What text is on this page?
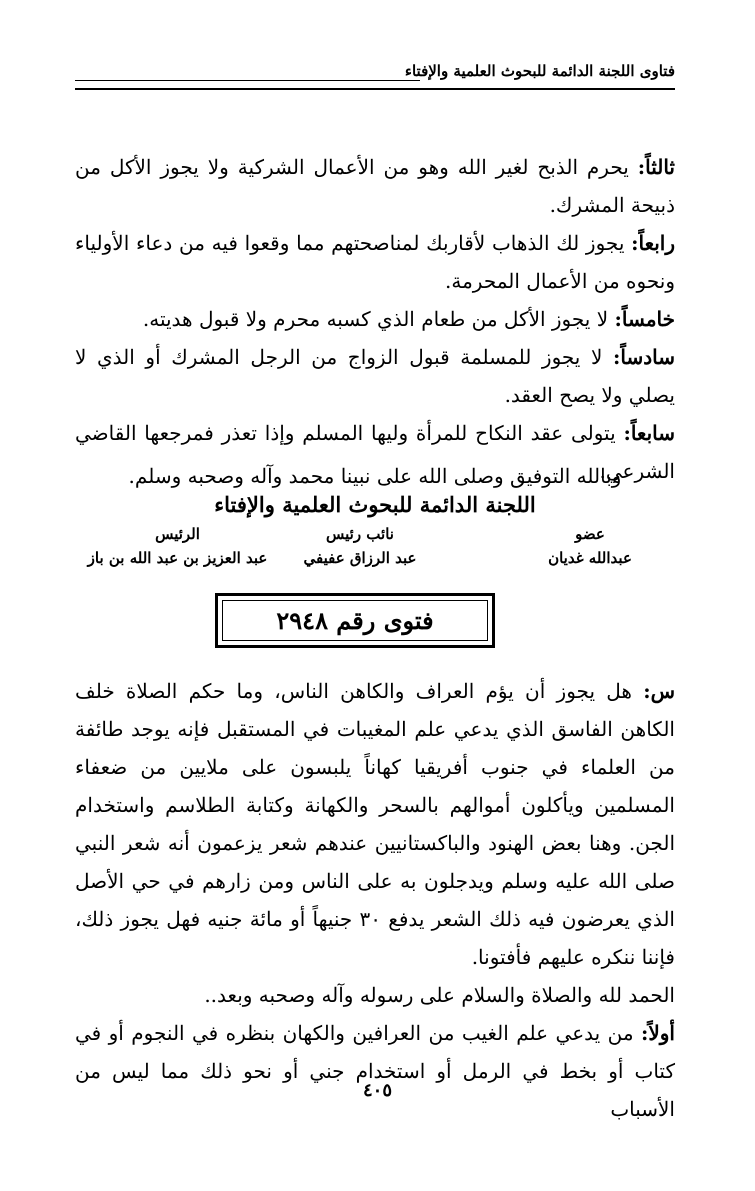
فتاوى اللجنة الدائمة للبحوث العلمية والإفتاء

ثالثاً: يحرم الذبح لغير الله وهو من الأعمال الشركية ولا يجوز الأكل من ذبيحة المشرك.

رابعاً: يجوز لك الذهاب لأقاربك لمناصحتهم مما وقعوا فيه من دعاء الأولياء ونحوه من الأعمال المحرمة.

خامساً: لا يجوز الأكل من طعام الذي كسبه محرم ولا قبول هديته.

سادساً: لا يجوز للمسلمة قبول الزواج من الرجل المشرك أو الذي لا يصلي ولا يصح العقد.

سابعاً: يتولى عقد النكاح للمرأة وليها المسلم وإذا تعذر فمرجعها القاضي الشرعي.

وبالله التوفيق وصلى الله على نبينا محمد وآله وصحبه وسلم.
اللجنة الدائمة للبحوث العلمية والإفتاء
عضو
عبدالله غديان
نائب رئيس
عبد الرزاق عفيفي
الرئيس
عبد العزيز بن عبد الله بن باز
فتوى رقم ٢٩٤٨

س: هل يجوز أن يؤم العراف والكاهن الناس، وما حكم الصلاة خلف الكاهن الفاسق الذي يدعي علم المغيبات في المستقبل فإنه يوجد طائفة من العلماء في جنوب أفريقيا كهاناً يلبسون على ملايين من ضعفاء المسلمين ويأكلون أموالهم بالسحر والكهانة وكتابة الطلاسم واستخدام الجن. وهنا بعض الهنود والباكستانيين عندهم شعر يزعمون أنه شعر النبي صلى الله عليه وسلم ويدجلون به على الناس ومن زارهم في حي الأصل الذي يعرضون فيه ذلك الشعر يدفع ٣٠ جنيهاً أو مائة جنيه فهل يجوز ذلك، فإننا ننكره عليهم فأفتونا.

الحمد لله والصلاة والسلام على رسوله وآله وصحبه وبعد..

أولاً: من يدعي علم الغيب من العرافين والكهان بنظره في النجوم أو في كتاب أو بخط في الرمل أو استخدام جني أو نحو ذلك مما ليس من الأسباب

٤٠٥
